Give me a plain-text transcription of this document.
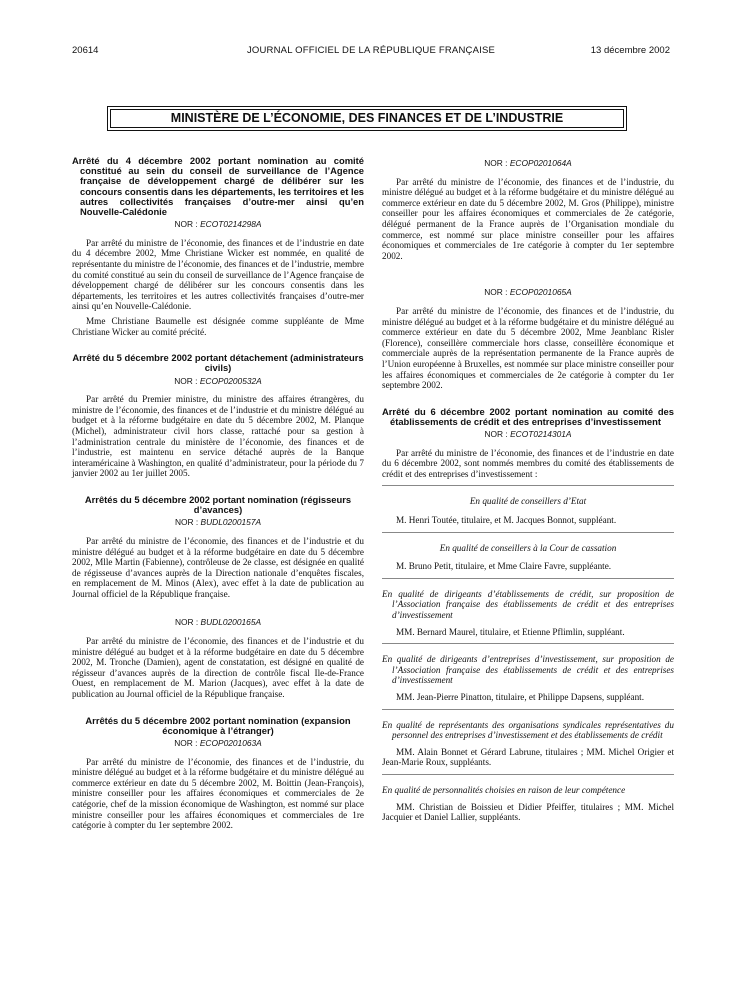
20614	JOURNAL OFFICIEL DE LA RÉPUBLIQUE FRANÇAISE	13 décembre 2002
MINISTÈRE DE L’ÉCONOMIE, DES FINANCES ET DE L’INDUSTRIE

Arrêté du 4 décembre 2002 portant nomination au comité constitué au sein du conseil de surveillance de l’Agence française de développement chargé de délibérer sur les concours consentis dans les départements, les territoires et les autres collectivités françaises d’outre-mer ainsi qu’en Nouvelle-Calédonie

NOR : ECOT0214298A

Par arrêté du ministre de l’économie, des finances et de l’industrie en date du 4 décembre 2002, Mme Christiane Wicker est nommée, en qualité de représentante du ministre de l’économie, des finances et de l’industrie, membre du comité constitué au sein du conseil de surveillance de l’Agence française de développement chargé de délibérer sur les concours consentis dans les départements, les territoires et les autres collectivités françaises d’outre-mer ainsi qu’en Nouvelle-Calédonie.

Mme Christiane Baumelle est désignée comme suppléante de Mme Christiane Wicker au comité précité.

Arrêté du 5 décembre 2002 portant détachement (administrateurs civils)

NOR : ECOP0200532A

Par arrêté du Premier ministre, du ministre des affaires étrangères, du ministre de l’économie, des finances et de l’industrie et du ministre délégué au budget et à la réforme budgétaire en date du 5 décembre 2002, M. Planque (Michel), administrateur civil hors classe, rattaché pour sa gestion à l’administration centrale du ministère de l’économie, des finances et de l’industrie, est maintenu en service détaché auprès de la Banque interaméricaine à Washington, en qualité d’administrateur, pour la période du 7 janvier 2002 au 1er juillet 2005.

Arrêtés du 5 décembre 2002 portant nomination (régisseurs d’avances)

NOR : BUDL0200157A

Par arrêté du ministre de l’économie, des finances et de l’industrie et du ministre délégué au budget et à la réforme budgétaire en date du 5 décembre 2002, Mlle Martin (Fabienne), contrôleuse de 2e classe, est désignée en qualité de régisseuse d’avances auprès de la Direction nationale d’enquêtes fiscales, en remplacement de M. Minos (Alex), avec effet à la date de publication au Journal officiel de la République française.

NOR : BUDL0200165A

Par arrêté du ministre de l’économie, des finances et de l’industrie et du ministre délégué au budget et à la réforme budgétaire en date du 5 décembre 2002, M. Tronche (Damien), agent de constatation, est désigné en qualité de régisseur d’avances auprès de la direction de contrôle fiscal Ile-de-France Ouest, en remplacement de M. Marion (Jacques), avec effet à la date de publication au Journal officiel de la République française.

Arrêtés du 5 décembre 2002 portant nomination (expansion économique à l’étranger)

NOR : ECOP0201063A

Par arrêté du ministre de l’économie, des finances et de l’industrie, du ministre délégué au budget et à la réforme budgétaire et du ministre délégué au commerce extérieur en date du 5 décembre 2002, M. Boittin (Jean-François), ministre conseiller pour les affaires économiques et commerciales de 2e catégorie, chef de la mission économique de Washington, est nommé sur place ministre conseiller pour les affaires économiques et commerciales de 1re catégorie à compter du 1er septembre 2002.

NOR : ECOP0201064A

Par arrêté du ministre de l’économie, des finances et de l’industrie, du ministre délégué au budget et à la réforme budgétaire et du ministre délégué au commerce extérieur en date du 5 décembre 2002, M. Gros (Philippe), ministre conseiller pour les affaires économiques et commerciales de 2e catégorie, délégué permanent de la France auprès de l’Organisation mondiale du commerce, est nommé sur place ministre conseiller pour les affaires économiques et commerciales de 1re catégorie à compter du 1er septembre 2002.

NOR : ECOP0201065A

Par arrêté du ministre de l’économie, des finances et de l’industrie, du ministre délégué au budget et à la réforme budgétaire et du ministre délégué au commerce extérieur en date du 5 décembre 2002, Mme Jeanblanc Risler (Florence), conseillère commerciale hors classe, conseillère économique et commerciale auprès de la représentation permanente de la France auprès de l’Union européenne à Bruxelles, est nommée sur place ministre conseiller pour les affaires économiques et commerciales de 2e catégorie à compter du 1er septembre 2002.

Arrêté du 6 décembre 2002 portant nomination au comité des établissements de crédit et des entreprises d’investissement

NOR : ECOT0214301A

Par arrêté du ministre de l’économie, des finances et de l’industrie en date du 6 décembre 2002, sont nommés membres du comité des établissements de crédit et des entreprises d’investissement :

En qualité de conseillers d’Etat

M. Henri Toutée, titulaire, et M. Jacques Bonnot, suppléant.

En qualité de conseillers à la Cour de cassation

M. Bruno Petit, titulaire, et Mme Claire Favre, suppléante.

En qualité de dirigeants d’établissements de crédit, sur proposition de l’Association française des établissements de crédit et des entreprises d’investissement

MM. Bernard Maurel, titulaire, et Etienne Pflimlin, suppléant.

En qualité de dirigeants d’entreprises d’investissement, sur proposition de l’Association française des établissements de crédit et des entreprises d’investissement

MM. Jean-Pierre Pinatton, titulaire, et Philippe Dapsens, suppléant.

En qualité de représentants des organisations syndicales représentatives du personnel des entreprises d’investissement et des établissements de crédit

MM. Alain Bonnet et Gérard Labrune, titulaires ; MM. Michel Origier et Jean-Marie Roux, suppléants.

En qualité de personnalités choisies en raison de leur compétence

MM. Christian de Boissieu et Didier Pfeiffer, titulaires ; MM. Michel Jacquier et Daniel Lallier, suppléants.
